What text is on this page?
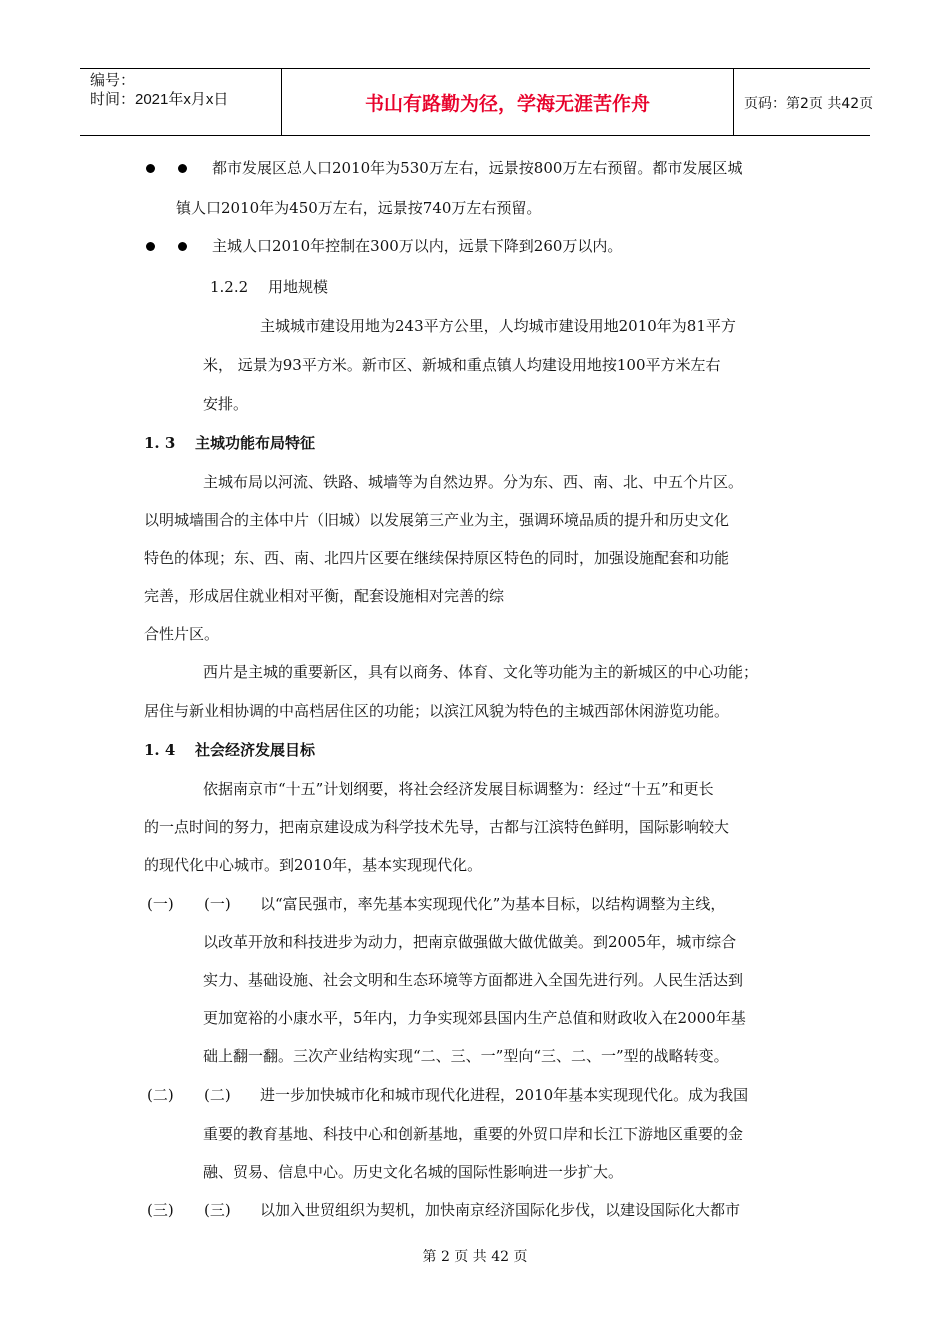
编号：
时间：2021年x月x日	书山有路勤为径，学海无涯苦作舟	页码：第2页 共42页
都市发展区总人口2010年为530万左右，远景按800万左右预留。都市发展区城
镇人口2010年为450万左右，远景按740万左右预留。
主城人口2010年控制在300万以内，远景下降到260万以内。
1.2.2 用地规模
主城城市建设用地为243平方公里，人均城市建设用地2010年为81平方
米， 远景为93平方米。新市区、新城和重点镇人均建设用地按100平方米左右
安排。
1. 3 主城功能布局特征
主城布局以河流、铁路、城墙等为自然边界。分为东、西、南、北、中五个片区。
以明城墙围合的主体中片（旧城）以发展第三产业为主，强调环境品质的提升和历史文化
特色的体现；东、西、南、北四片区要在继续保持原区特色的同时，加强设施配套和功能
完善，形成居住就业相对平衡，配套设施相对完善的综
合性片区。
西片是主城的重要新区，具有以商务、体育、文化等功能为主的新城区的中心功能；
居住与新业相协调的中高档居住区的功能；以滨江风貌为特色的主城西部休闲游览功能。
1. 4 社会经济发展目标
依据南京市“十五”计划纲要，将社会经济发展目标调整为：经过“十五”和更长
的一点时间的努力，把南京建设成为科学技术先导，古都与江滨特色鲜明，国际影响较大
的现代化中心城市。到2010年，基本实现现代化。
(一) (一) 以“富民强市，率先基本实现现代化”为基本目标，以结构调整为主线，
以改革开放和科技进步为动力，把南京做强做大做优做美。到2005年，城市综合
实力、基础设施、社会文明和生态环境等方面都进入全国先进行列。人民生活达到
更加宽裕的小康水平，5年内，力争实现郊县国内生产总值和财政收入在2000年基
础上翻一翻。三次产业结构实现“二、三、一”型向“三、二、一”型的战略转变。
(二) (二) 进一步加快城市化和城市现代化进程，2010年基本实现现代化。成为我国
重要的教育基地、科技中心和创新基地，重要的外贸口岸和长江下游地区重要的金
融、贸易、信息中心。历史文化名城的国际性影响进一步扩大。
(三) (三) 以加入世贸组织为契机，加快南京经济国际化步伐，以建设国际化大都市
第 2 页 共 42 页
